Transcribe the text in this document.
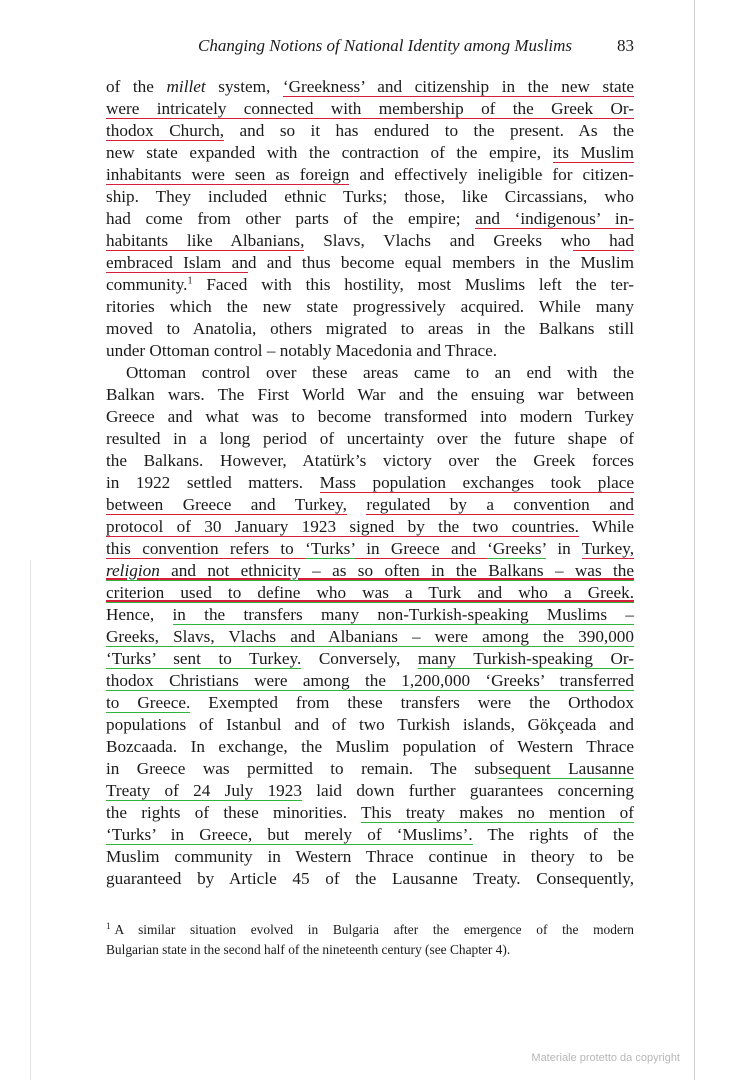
Changing Notions of National Identity among Muslims	83
of the millet system, ‘Greekness’ and citizenship in the new state
were intricately connected with membership of the Greek Or-
thodox Church, and so it has endured to the present. As the
new state expanded with the contraction of the empire, its Muslim
inhabitants were seen as foreign and effectively ineligible for citizen-
ship. They included ethnic Turks; those, like Circassians, who
had come from other parts of the empire; and ‘indigenous’ in-
habitants like Albanians, Slavs, Vlachs and Greeks who had
embraced Islam and and thus become equal members in the Muslim
community.$^1$ Faced with this hostility, most Muslims left the ter-
ritories which the new state progressively acquired. While many
moved to Anatolia, others migrated to areas in the Balkans still
under Ottoman control – notably Macedonia and Thrace.
Ottoman control over these areas came to an end with the
Balkan wars. The First World War and the ensuing war between
Greece and what was to become transformed into modern Turkey
resulted in a long period of uncertainty over the future shape of
the Balkans. However, Atatürk’s victory over the Greek forces
in 1922 settled matters. Mass population exchanges took place
between Greece and Turkey, regulated by a convention and
protocol of 30 January 1923 signed by the two countries. While
this convention refers to ‘Turks’ in Greece and ‘Greeks’ in Turkey,
religion and not ethnicity – as so often in the Balkans – was the
criterion used to define who was a Turk and who a Greek.
Hence, in the transfers many non-Turkish-speaking Muslims –
Greeks, Slavs, Vlachs and Albanians – were among the 390,000
‘Turks’ sent to Turkey. Conversely, many Turkish-speaking Or-
thodox Christians were among the 1,200,000 ‘Greeks’ transferred
to Greece. Exempted from these transfers were the Orthodox
populations of Istanbul and of two Turkish islands, Gökçeada and
Bozcaada. In exchange, the Muslim population of Western Thrace
in Greece was permitted to remain. The subsequent Lausanne
Treaty of 24 July 1923 laid down further guarantees concerning
the rights of these minorities. This treaty makes no mention of
‘Turks’ in Greece, but merely of ‘Muslims’. The rights of the
Muslim community in Western Thrace continue in theory to be
guaranteed by Article 45 of the Lausanne Treaty. Consequently,
$^1$ A similar situation evolved in Bulgaria after the emergence of the modern
Bulgarian state in the second half of the nineteenth century (see Chapter 4).
Materiale protetto da copyright
